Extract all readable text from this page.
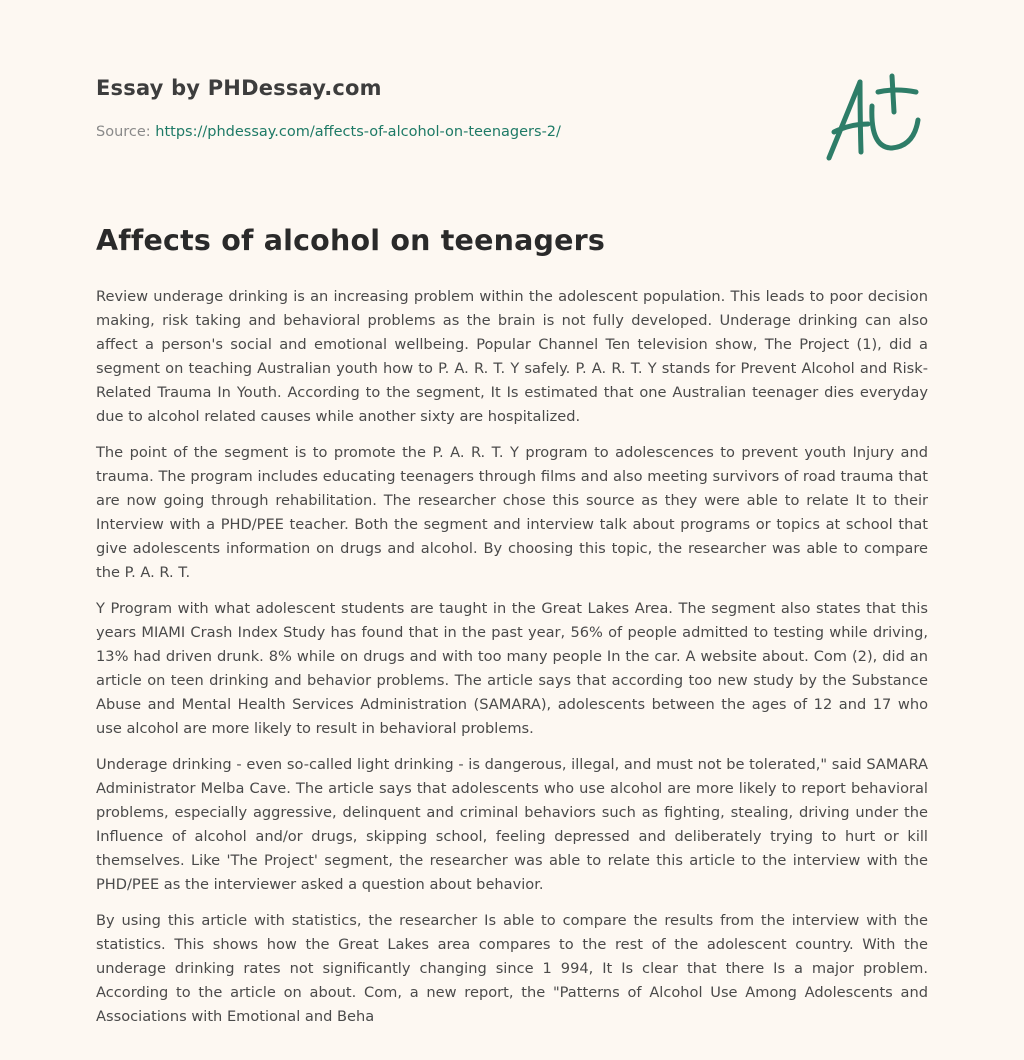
Essay by PHDessay.com
Source: https://phdessay.com/affects-of-alcohol-on-teenagers-2/
Affects of alcohol on teenagers

Review underage drinking is an increasing problem within the adolescent population. This leads to poor decision making, risk taking and behavioral problems as the brain is not fully developed. Underage drinking can also affect a person's social and emotional wellbeing. Popular Channel Ten television show, The Project (1), did a segment on teaching Australian youth how to P. A. R. T. Y safely. P. A. R. T. Y stands for Prevent Alcohol and Risk-Related Trauma In Youth. According to the segment, It Is estimated that one Australian teenager dies everyday due to alcohol related causes while another sixty are hospitalized.

The point of the segment is to promote the P. A. R. T. Y program to adolescences to prevent youth Injury and trauma. The program includes educating teenagers through films and also meeting survivors of road trauma that are now going through rehabilitation. The researcher chose this source as they were able to relate It to their Interview with a PHD/PEE teacher. Both the segment and interview talk about programs or topics at school that give adolescents information on drugs and alcohol. By choosing this topic, the researcher was able to compare the P. A. R. T.

Y Program with what adolescent students are taught in the Great Lakes Area. The segment also states that this years MIAMI Crash Index Study has found that in the past year, 56% of people admitted to testing while driving, 13% had driven drunk. 8% while on drugs and with too many people In the car. A website about. Com (2), did an article on teen drinking and behavior problems. The article says that according too new study by the Substance Abuse and Mental Health Services Administration (SAMARA), adolescents between the ages of 12 and 17 who use alcohol are more likely to result in behavioral problems.

Underage drinking - even so-called light drinking - is dangerous, illegal, and must not be tolerated," said SAMARA Administrator Melba Cave. The article says that adolescents who use alcohol are more likely to report behavioral problems, especially aggressive, delinquent and criminal behaviors such as fighting, stealing, driving under the Influence of alcohol and/or drugs, skipping school, feeling depressed and deliberately trying to hurt or kill themselves. Like 'The Project' segment, the researcher was able to relate this article to the interview with the PHD/PEE as the interviewer asked a question about behavior.

By using this article with statistics, the researcher Is able to compare the results from the interview with the statistics. This shows how the Great Lakes area compares to the rest of the adolescent country. With the underage drinking rates not significantly changing since 1 994, It Is clear that there Is a major problem. According to the article on about. Com, a new report, the "Patterns of Alcohol Use Among Adolescents and Associations with Emotional and Beha
